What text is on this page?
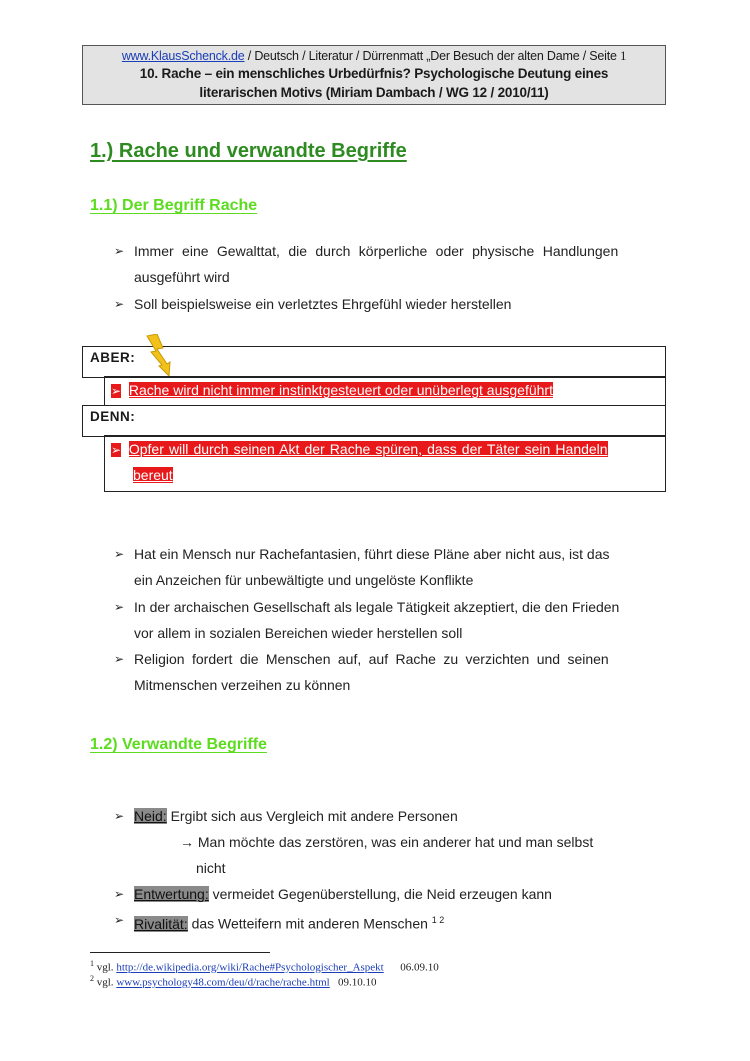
www.KlausSchenck.de / Deutsch / Literatur / Dürrenmatt „Der Besuch der alten Dame / Seite 1
10. Rache – ein menschliches Urbedürfnis? Psychologische Deutung eines
literarischen Motivs (Miriam Dambach / WG 12 / 2010/11)
1.) Rache und verwandte Begriffe
1.1) Der Begriff Rache
➢ Immer eine Gewalttat, die durch körperliche oder physische Handlungen
ausgeführt wird
➢ Soll beispielsweise ein verletztes Ehrgefühl wieder herstellen
ABER:
➢ Rache wird nicht immer instinktgesteuert oder unüberlegt ausgeführt
DENN:
➢ Opfer will durch seinen Akt der Rache spüren, dass der Täter sein Handeln
bereut
➢ Hat ein Mensch nur Rachefantasien, führt diese Pläne aber nicht aus, ist das
ein Anzeichen für unbewältigte und ungelöste Konflikte
➢ In der archaischen Gesellschaft als legale Tätigkeit akzeptiert, die den Frieden
vor allem in sozialen Bereichen wieder herstellen soll
➢ Religion fordert die Menschen auf, auf Rache zu verzichten und seinen
Mitmenschen verzeihen zu können
1.2) Verwandte Begriffe
➢ Neid: Ergibt sich aus Vergleich mit andere Personen
→ Man möchte das zerstören, was ein anderer hat und man selbst
nicht
➢ Entwertung: vermeidet Gegenüberstellung, die Neid erzeugen kann
➢ Rivalität: das Wetteifern mit anderen Menschen $^{1 2}$
$^1$ vgl. http://de.wikipedia.org/wiki/Rache#Psychologischer_Aspekt 06.09.10
$^2$ vgl. www.psychology48.com/deu/d/rache/rache.html 09.10.10
